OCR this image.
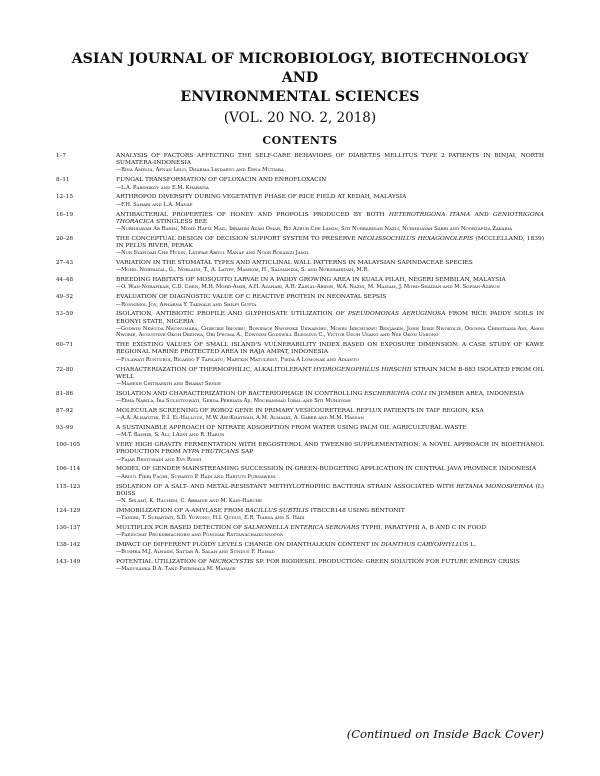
ASIAN JOURNAL OF MICROBIOLOGY, BIOTECHNOLOGY AND
ENVIRONMENTAL SCIENCES
(VOL. 20 NO. 2, 2018)
CONTENTS
1–7	ANALYSIS OF FACTORS AFFECTING THE SELF-CARE BEHAVIORS OF DIABETES MELLITUS TYPE 2 PATIENTS IN BINJAI, NORTH SUMATERA-INDONESIA
—Rina Amelia, Afnan Lelo, Dharma Lindarto and Erna Mutiara
8–11	FUNGAL TRANSFORMATION OF OFLOXACIN AND ENROFLOXACIN
—L.A. Parshikov and E.M. Kharatia
12–15	ARTHROPOD DIVERSITY DURING VEGETATIVE PHASE OF RICE FIELD AT KEDAH, MALAYSIA
—F.H. Sahari and L.A. Manaf
16–19	ANTIBACTERIAL PROPERTIES OF HONEY AND PROPOLIS PRODUCED BY BOTH HETEROTRIGONA ITAMA AND GENIOTRIGONA THORACICA STINGLESS BEE
—Nurhidayah Ab Rahim, Mohd Hafiz Mail, Ibrahim Azam Omar, Riz Azrur Che Lamin, Siti Nurbaridah Nazli, Nurhidayah Sabri and Noorzafiza Zakaria
20–26	THE CONCEPTUAL DESIGN OF DECISION SUPPORT SYSTEM TO PRESERVE NEOLISSOCHILUS HEXAGONOLEPIS (MCCLELLAND, 1839) IN PELUS RIVER, PERAK
—Nur Syafiqah Che Husin, Latifah Abdul Manaf and Noor Rosazizi Jamil
27–43	VARIATION IN THE STOMATAL TYPES AND ANTICLINAL WALL PATTERNS IN MALAYSIAN SAPINDACEAE SPECIES
—Mohd. Norfaizal, G., Norlaini, T., A. Latiff, Masrom, H., Salmaniza, S. and Nurshahidah, M.R.
44–48	BREEDING HABITATS OF MOSQUITO LARVAE IN A PADDY GROWING AREA IN KUALA PILAH, NEGERI SEMBILAN, MALAYSIA
—O. Wan-Norafikah, C.D. Chen, M.H. Mohd-Amir, A.H. Azahari, A.H. Zainal-Abidin, W.A. Nazni, M. Maizam, J. Mohd-Shaizan and M. Sofian-Azirun
49–52	EVALUATION OF DIAGNOSTIC VALUE OF C REACTIVE PROTEIN IN NEONATAL SEPSIS
—Ronnimol Joy, Apharna Y. Takwale and Shilpi Gupta
53–59	ISOLATION, ANTIBIOTIC PROFILE AND GLYPHOSATE UTILIZATION OF PSEUDOMONAS AERUGINOSA FROM RICE PADDY SOILS IN EBONYI STATE, NIGERIA
—Godwin Nkwuda Nwonumara, Chibuike Ibiogbu, Boniface Nwofoke Ukwaegbu, Moses Ikechukwu Benjamin, John Idike Nwokolie, Ogonna Christiana Ani, Amos Nworie, Augustine Okoh Okenwa, Obi Ifeoma A., Edwodm Godswill Blessing C., Victor Udoh Usang and Nse Okon Umiong
60–71	THE EXISTING VALUES OF SMALL ISLAND'S VULNERABILITY INDEX BASED ON EXPOSURE DIMENSION: A CASE STUDY OF KAWE REGIONAL MARINE PROTECTED AREA IN RAJA AMPAT, INDONESIA
—Fulawati Runtuboi, Ricardo F Tapilatu, Martkin Matulessy, Fieda A Lomonak and Adianto
72–80	CHARACTERIAZATION OF THERMOPHILIC, ALKALITOLERANT HYDROGENOPHILUS HIRSCHII STRAIN MCM B-883 ISOLATED FROM OIL WELL
—Mahesh Chitrapath and Bhabat Sende
81–86	ISOLATION AND CHARACTERIZATION OF BACTERIOPHAGE IN CONTROLLING ESCHERICHIA COLI IN JEMBER AREA, INDONESIA
—Erha Nabila, Ira Sulistyowati, Gerda Pebriata Aji, Mochammad Iqbal and Siti Muhidyah
87–92	MOLECULAR SCREENING OF ROBO2 GENE IN PRIMARY VESICOURETERAL REFLUX PATIENTS IN TAIF REGION, KSA
—A.A. Alhadithi, E.I. El-Hallous, M.W. AbuKhatwah, A.M. Almalki, A. Gaber and M.M. Hassan
93–99	A SUSTAINABLE APPROACH OF NITRATE ADSORPTION FROM WATER USING PALM OIL AGRICULTURAL WASTE
—M.T. Bashir, S. Ali, I.Azni and R. Harun
100–105	VERY HIGH GRAVITY FERMENTATION WITH ERGOSTEROL AND TWEEN80 SUPPLEMENTATION: A NOVEL APPROACH IN BIOETHANOL PRODUCTION FROM NYPA FRUTICANS SAP
—Fajar Restuhadi and Evy Rossi
106–114	MODEL OF GENDER MAINSTREAMING SUCCESSION IN GREEN-BUDGETING APPLICATION IN CENTRAL JAVA PROVINCE INDONESIA
—Abdul Fikri Faqih, Suharto P. Hadi and Hartuti Purnaweni
115–123	ISOLATION OF A SALT- AND METAL-RESISTANT METHYLOTROPHIC BACTERIA STRAIN ASSOCIATED WITH RETAMA MONOSPERMA (L) BOISS
—N. Selami, K. Hachem, C. Abbadie and M. Kaid-Harche
124–129	IMMOBILIZATION OF A-AMYLASE FROM BACILLUS SUBTILIS ITBCCB148 USING BENTONIT
—Yandri, T. Suhartati, S.D. Yuwono, H.I. Qudus, E.R. Tiarsa and S. Hadi
130–137	MULTIPLEX PCR BASED DETECTION OF SALMONELLA ENTERICA SEROVARS TYPHI, PARATYPHI A, B AND C IN FOOD
—Paeiochat Pruksbhachorn and Pongsak Rattanachaikunsopon
138–142	IMPACT OF DIFFERENT PLOIDY LEVELS CHANGE ON DIANTHALEXIN CONTENT IN DIANTHUS CARYOPHYLLUS L.
—Bushra M.J. Alwash, Sattar A. Salah and Sundus F. Hamad
143–149	POTENTIAL UTILIZATION OF MICROCYSTIS SP. FOR BIODIESEL PRODUCTION: GREEN SOLUTION FOR FUTURE ENERGY CRISIS
—Madusanka D.A. Tand Patrimala M. Manage
(Continued on Inside Back Cover)
